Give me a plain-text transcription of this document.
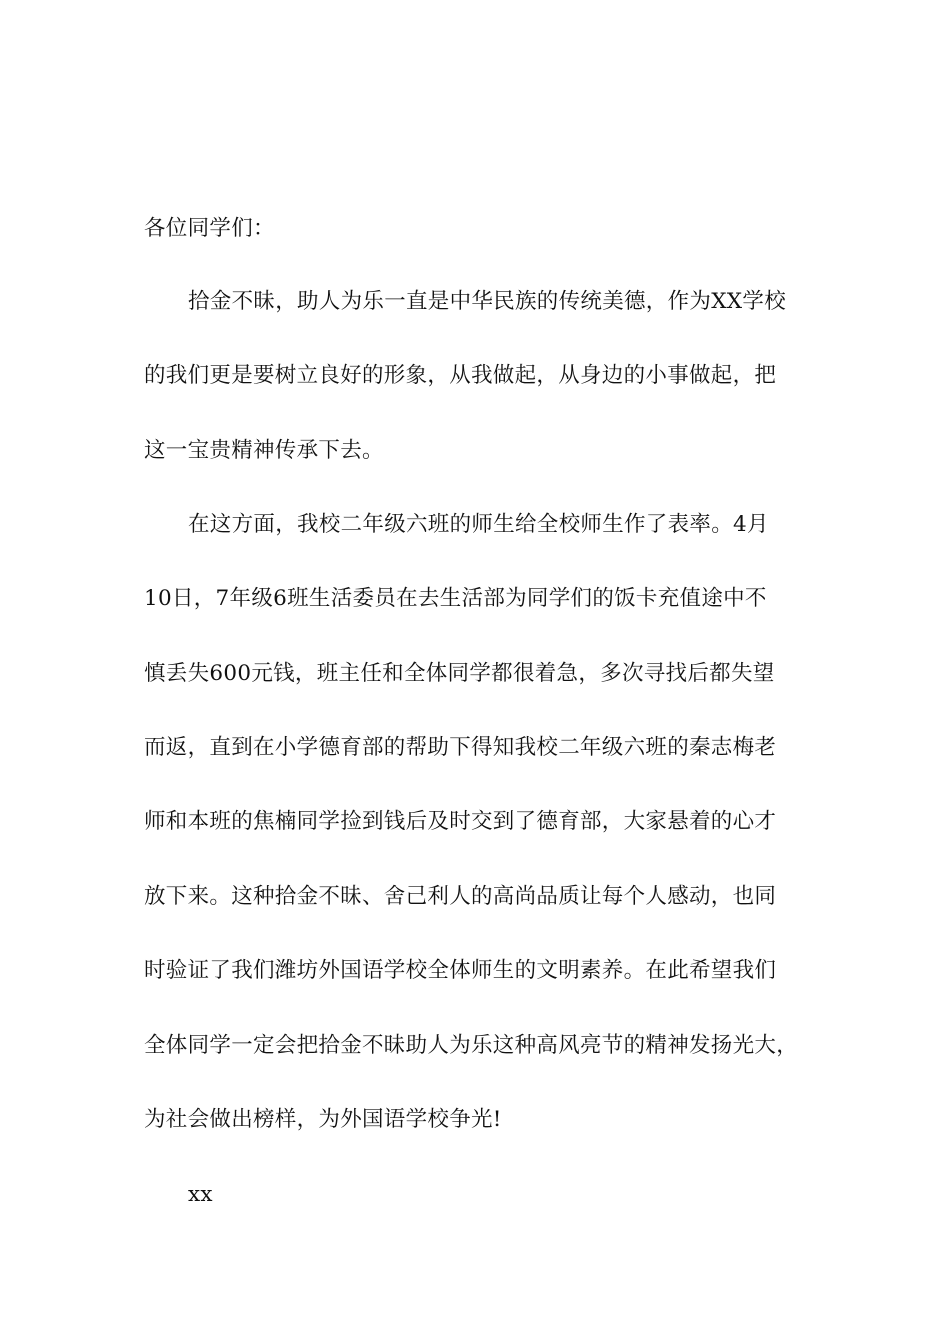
各位同学们：
拾金不昧，助人为乐一直是中华民族的传统美德，作为XX学校
的我们更是要树立良好的形象，从我做起，从身边的小事做起，把
这一宝贵精神传承下去。
在这方面，我校二年级六班的师生给全校师生作了表率。4月
10日，7年级6班生活委员在去生活部为同学们的饭卡充值途中不
慎丢失600元钱，班主任和全体同学都很着急，多次寻找后都失望
而返，直到在小学德育部的帮助下得知我校二年级六班的秦志梅老
师和本班的焦楠同学捡到钱后及时交到了德育部，大家悬着的心才
放下来。这种拾金不昧、舍己利人的高尚品质让每个人感动，也同
时验证了我们潍坊外国语学校全体师生的文明素养。在此希望我们
全体同学一定会把拾金不昧助人为乐这种高风亮节的精神发扬光大，
为社会做出榜样，为外国语学校争光!
xx
